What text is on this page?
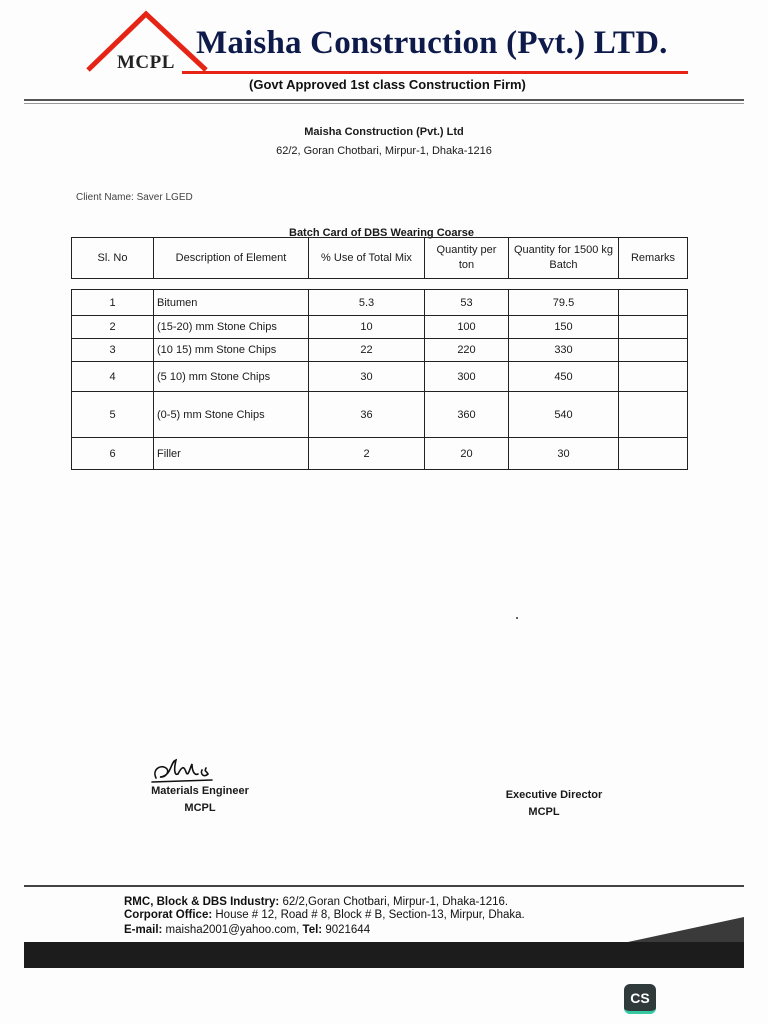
MCPL
Maisha Construction (Pvt.) LTD.
(Govt Approved 1st class Construction Firm)
Maisha Construction (Pvt.) Ltd
62/2, Goran Chotbari, Mirpur-1, Dhaka-1216
Client Name: Saver LGED
Batch Card of DBS Wearing Coarse
Sl. No	Description of Element	% Use of Total Mix	Quantity per ton	Quantity for 1500 kg Batch	Remarks
1	Bitumen	5.3	53	79.5	
2	(15-20) mm Stone Chips	10	100	150	
3	(10 15) mm Stone Chips	22	220	330	
4	(5 10) mm Stone Chips	30	300	450	
5	(0-5) mm Stone Chips	36	360	540	
6	Filler	2	20	30	
Materials Engineer
MCPL
Executive Director
MCPL
RMC, Block & DBS Industry: 62/2,Goran Chotbari, Mirpur-1, Dhaka-1216.
Corporat Office: House # 12, Road # 8, Block # B, Section-13, Mirpur, Dhaka.
E-mail: maisha2001@yahoo.com, Tel: 9021644
CS
